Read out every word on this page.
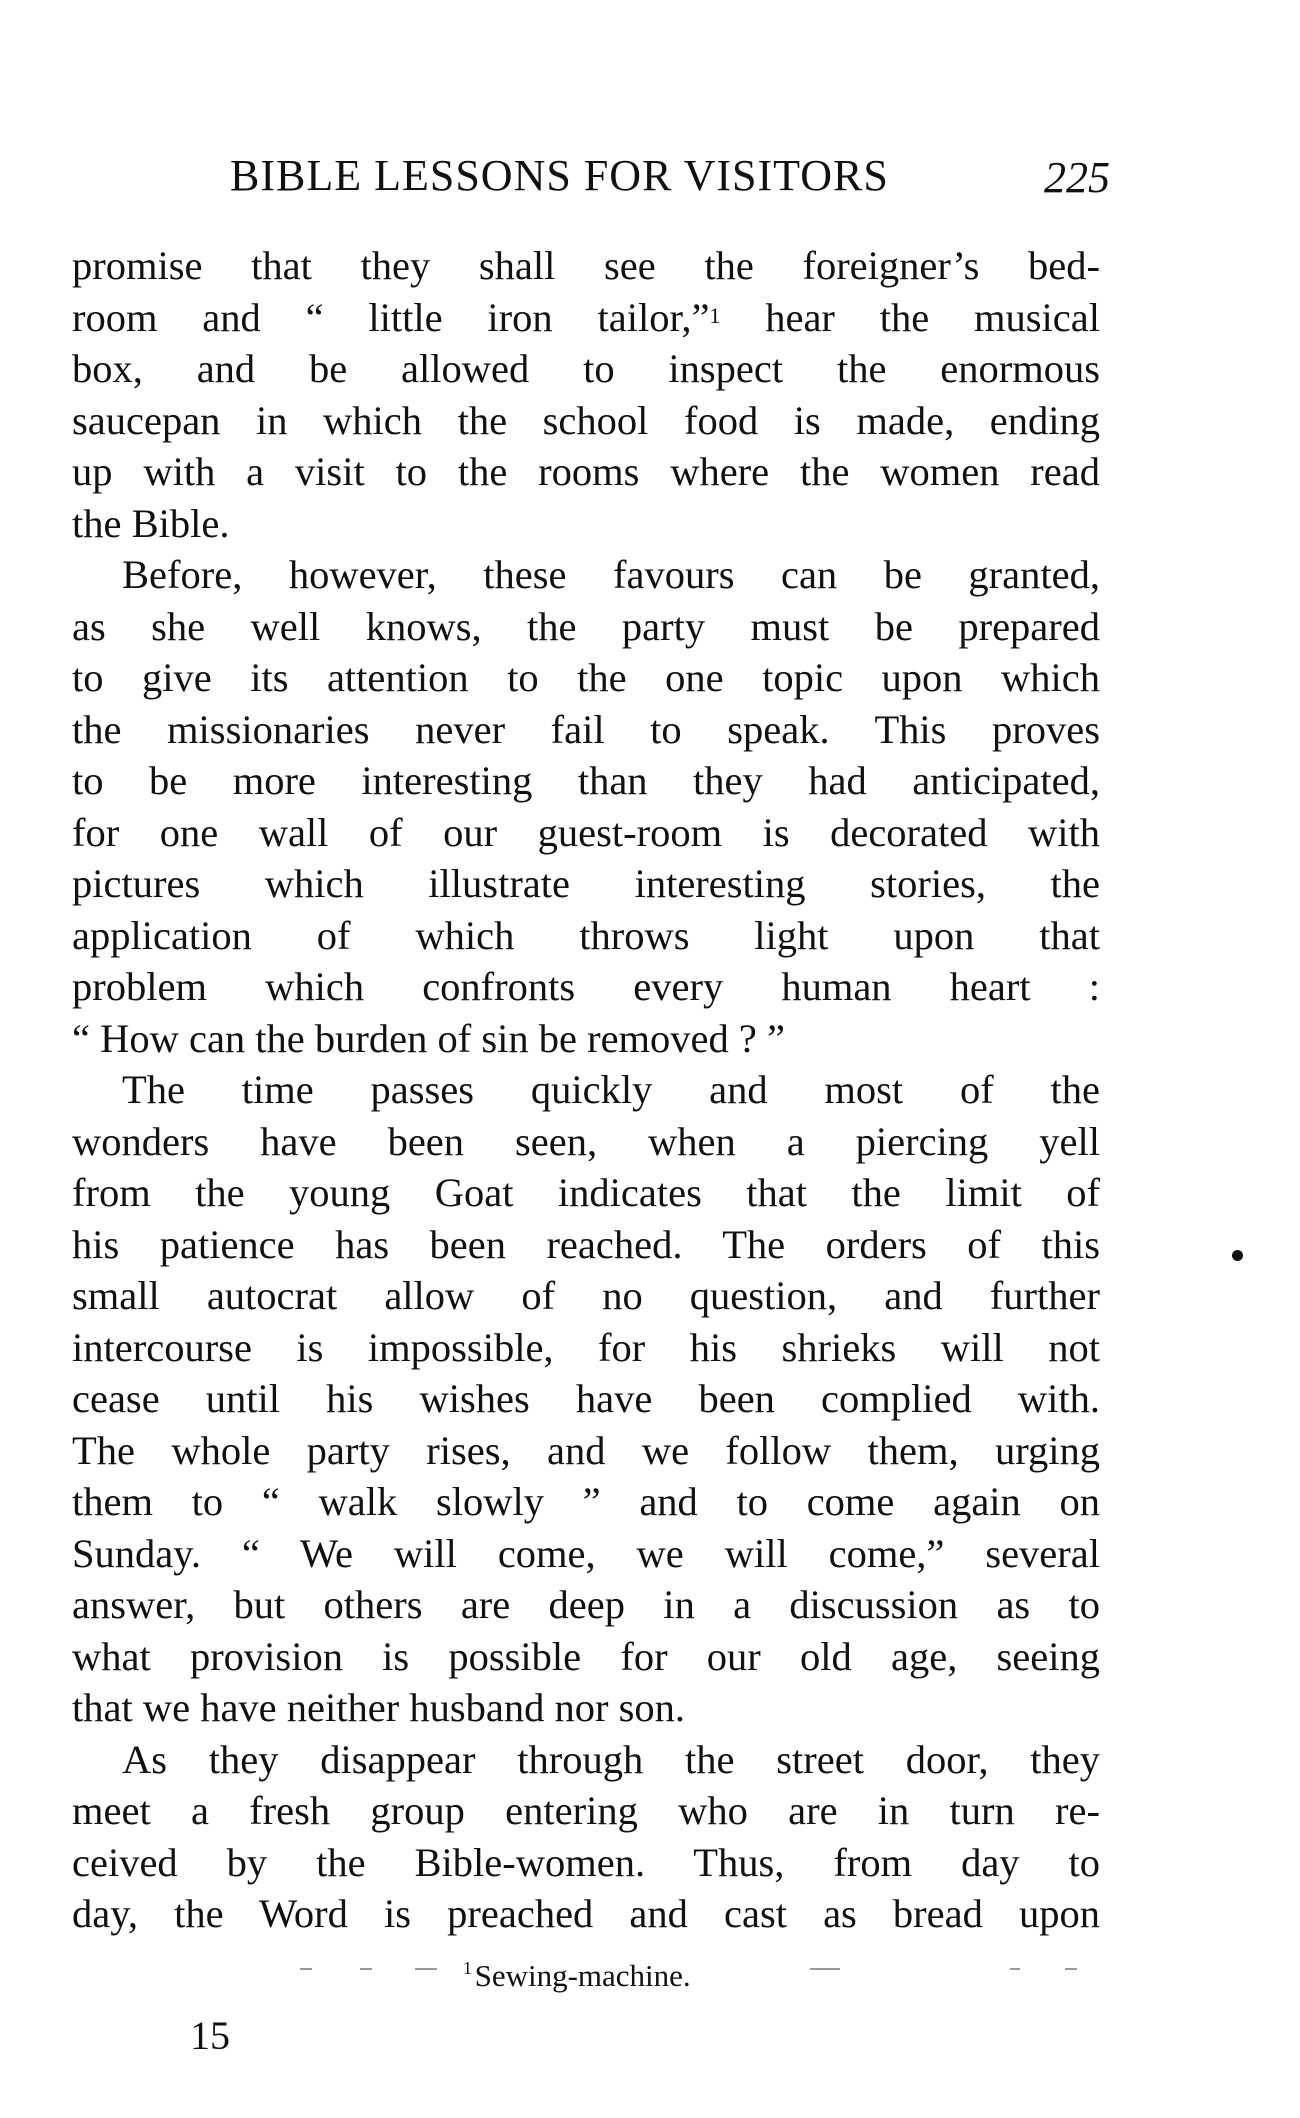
BIBLE LESSONS FOR VISITORS	225

promise that they shall see the foreigner’s bed-
room and “ little iron tailor,”$^1$ hear the musical
box, and be allowed to inspect the enormous
saucepan in which the school food is made, ending
up with a visit to the rooms where the women read
the Bible.

Before, however, these favours can be granted,
as she well knows, the party must be prepared
to give its attention to the one topic upon which
the missionaries never fail to speak. This proves
to be more interesting than they had anticipated,
for one wall of our guest-room is decorated with
pictures which illustrate interesting stories, the
application of which throws light upon that
problem which confronts every human heart :
“ How can the burden of sin be removed ? ”

The time passes quickly and most of the
wonders have been seen, when a piercing yell
from the young Goat indicates that the limit of
his patience has been reached. The orders of this
small autocrat allow of no question, and further
intercourse is impossible, for his shrieks will not
cease until his wishes have been complied with.
The whole party rises, and we follow them, urging
them to “ walk slowly ” and to come again on
Sunday. “ We will come, we will come,” several
answer, but others are deep in a discussion as to
what provision is possible for our old age, seeing
that we have neither husband nor son.

As they disappear through the street door, they
meet a fresh group entering who are in turn re-
ceived by the Bible-women. Thus, from day to
day, the Word is preached and cast as bread upon

$^1$ Sewing-machine.
15
